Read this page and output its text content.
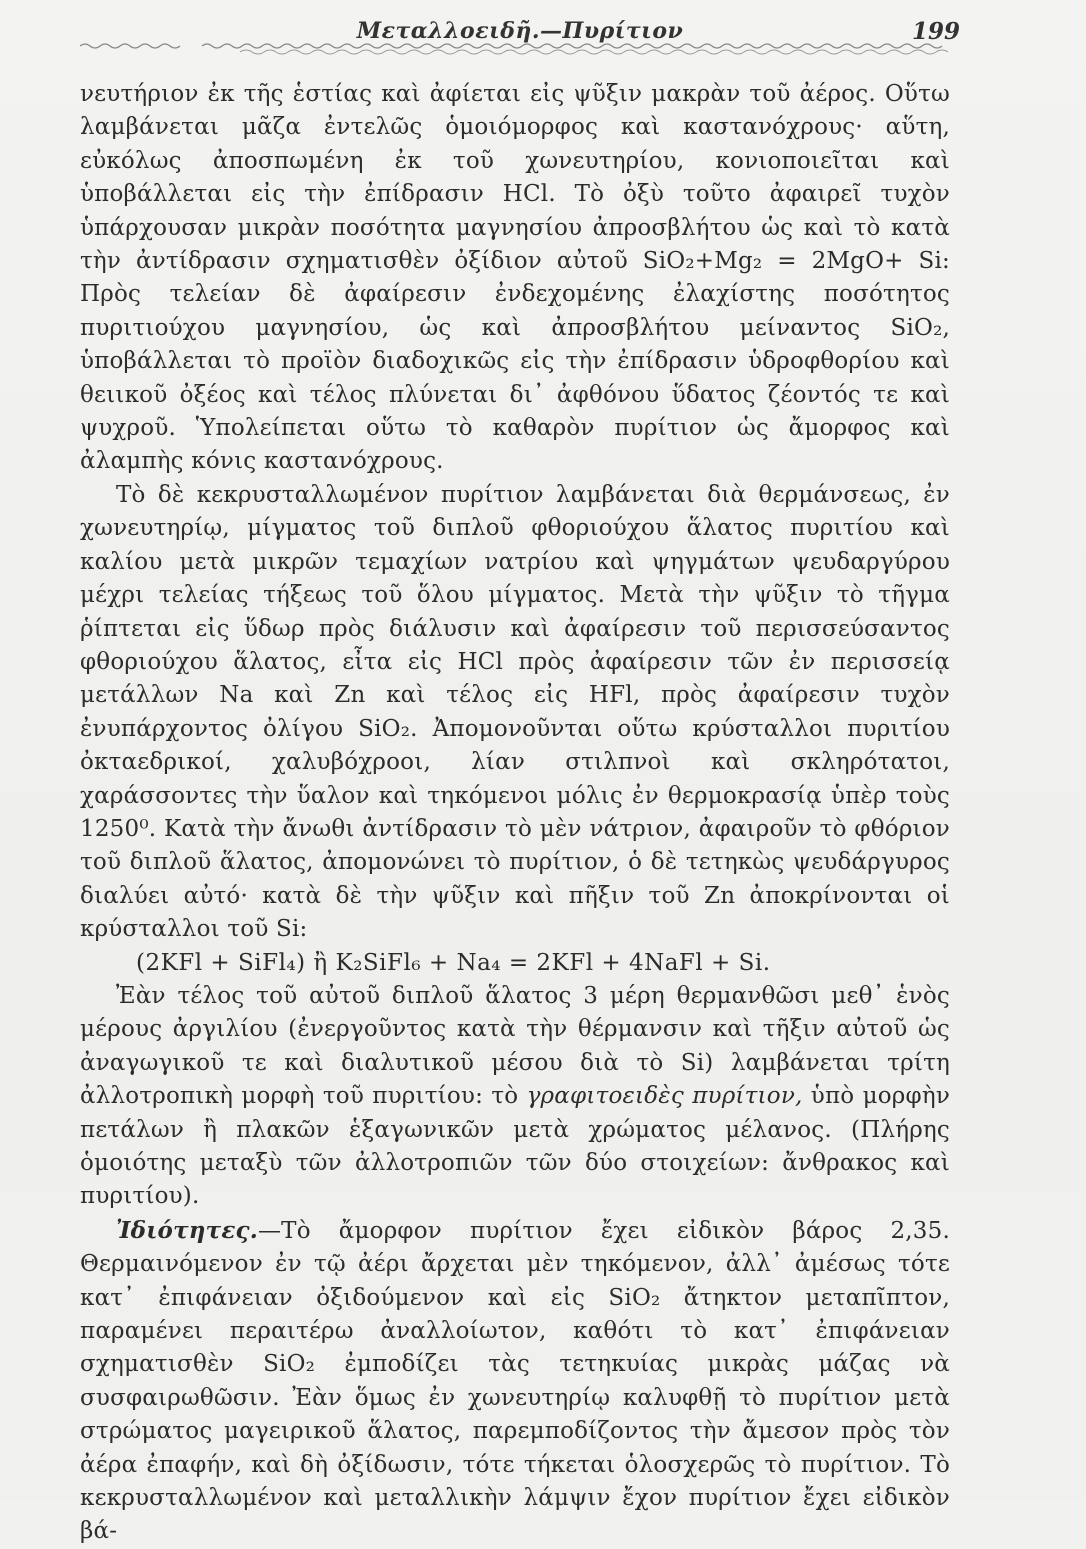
Μεταλλοειδῆ.—Πυρίτιον	199

νευτήριον ἐκ τῆς ἑστίας καὶ ἀφίεται εἰς ψῦξιν μακρὰν τοῦ ἀέρος. Οὕτω λαμβάνεται μᾶζα ἐντελῶς ὁμοιόμορφος καὶ καστανόχρους· αὕτη, εὐκόλως ἀποσπωμένη ἐκ τοῦ χωνευτηρίου, κονιοποιεῖται καὶ ὑποβάλλεται εἰς τὴν ἐπίδρασιν HCl. Τὸ ὀξὺ τοῦτο ἀφαιρεῖ τυχὸν ὑπάρχουσαν μικρὰν ποσότητα μαγνησίου ἀπροσβλήτου ὡς καὶ τὸ κατὰ τὴν ἀντίδρασιν σχηματισθὲν ὀξίδιον αὐτοῦ SiO₂+Mg₂ = 2MgO+ Si: Πρὸς τελείαν δὲ ἀφαίρεσιν ἐνδεχομένης ἐλαχίστης ποσότητος πυριτιούχου μαγνησίου, ὡς καὶ ἀπροσβλήτου μείναντος SiO₂, ὑποβάλλεται τὸ προϊὸν διαδοχικῶς εἰς τὴν ἐπίδρασιν ὑδροφθορίου καὶ θειικοῦ ὀξέος καὶ τέλος πλύνεται δι᾽ ἀφθόνου ὕδατος ζέοντός τε καὶ ψυχροῦ. Ὑπολείπεται οὕτω τὸ καθαρὸν πυρίτιον ὡς ἄμορφος καὶ ἀλαμπὴς κόνις καστανόχρους.

Τὸ δὲ κεκρυσταλλωμένον πυρίτιον λαμβάνεται διὰ θερμάνσεως, ἐν χωνευτηρίῳ, μίγματος τοῦ διπλοῦ φθοριούχου ἅλατος πυριτίου καὶ καλίου μετὰ μικρῶν τεμαχίων νατρίου καὶ ψηγμάτων ψευδαργύρου μέχρι τελείας τήξεως τοῦ ὅλου μίγματος. Μετὰ τὴν ψῦξιν τὸ τῆγμα ῥίπτεται εἰς ὕδωρ πρὸς διάλυσιν καὶ ἀφαίρεσιν τοῦ περισσεύσαντος φθοριούχου ἅλατος, εἶτα εἰς HCl πρὸς ἀφαίρεσιν τῶν ἐν περισσείᾳ μετάλλων Na καὶ Zn καὶ τέλος εἰς HFl, πρὸς ἀφαίρεσιν τυχὸν ἐνυπάρχοντος ὀλίγου SiO₂. Ἀπομονοῦνται οὕτω κρύσταλλοι πυριτίου ὀκταεδρικοί, χαλυβόχροοι, λίαν στιλπνοὶ καὶ σκληρότατοι, χαράσσοντες τὴν ὕαλον καὶ τηκόμενοι μόλις ἐν θερμοκρασίᾳ ὑπὲρ τοὺς 1250⁰. Κατὰ τὴν ἄνωθι ἀντίδρασιν τὸ μὲν νάτριον, ἀφαιροῦν τὸ φθόριον τοῦ διπλοῦ ἅλατος, ἀπομονώνει τὸ πυρίτιον, ὁ δὲ τετηκὼς ψευδάργυρος διαλύει αὐτό· κατὰ δὲ τὴν ψῦξιν καὶ πῆξιν τοῦ Zn ἀποκρίνονται οἱ κρύσταλλοι τοῦ Si:

(2KFl + SiFl₄) ἢ K₂SiFl₆ + Na₄ = 2KFl + 4NaFl + Si.

Ἐὰν τέλος τοῦ αὐτοῦ διπλοῦ ἅλατος 3 μέρη θερμανθῶσι μεθ᾽ ἑνὸς μέρους ἀργιλίου (ἐνεργοῦντος κατὰ τὴν θέρμανσιν καὶ τῆξιν αὐτοῦ ὡς ἀναγωγικοῦ τε καὶ διαλυτικοῦ μέσου διὰ τὸ Si) λαμβάνεται τρίτη ἀλλοτροπικὴ μορφὴ τοῦ πυριτίου: τὸ γραφιτοειδὲς πυρίτιον, ὑπὸ μορφὴν πετάλων ἢ πλακῶν ἑξαγωνικῶν μετὰ χρώματος μέλανος. (Πλήρης ὁμοιότης μεταξὺ τῶν ἀλλοτροπιῶν τῶν δύο στοιχείων: ἄνθρακος καὶ πυριτίου).

Ἰδιότητες.—Τὸ ἄμορφον πυρίτιον ἔχει εἰδικὸν βάρος 2,35. Θερμαινόμενον ἐν τῷ ἀέρι ἄρχεται μὲν τηκόμενον, ἀλλ᾽ ἀμέσως τότε κατ᾽ ἐπιφάνειαν ὀξιδούμενον καὶ εἰς SiO₂ ἄτηκτον μεταπῖπτον, παραμένει περαιτέρω ἀναλλοίωτον, καθότι τὸ κατ᾽ ἐπιφάνειαν σχηματισθὲν SiO₂ ἐμποδίζει τὰς τετηκυίας μικρὰς μάζας νὰ συσφαιρωθῶσιν. Ἐὰν ὅμως ἐν χωνευτηρίῳ καλυφθῇ τὸ πυρίτιον μετὰ στρώματος μαγειρικοῦ ἅλατος, παρεμποδίζοντος τὴν ἄμεσον πρὸς τὸν ἀέρα ἐπαφήν, καὶ δὴ ὀξίδωσιν, τότε τήκεται ὁλοσχερῶς τὸ πυρίτιον. Τὸ κεκρυσταλλωμένον καὶ μεταλλικὴν λάμψιν ἔχον πυρίτιον ἔχει εἰδικὸν βά-
